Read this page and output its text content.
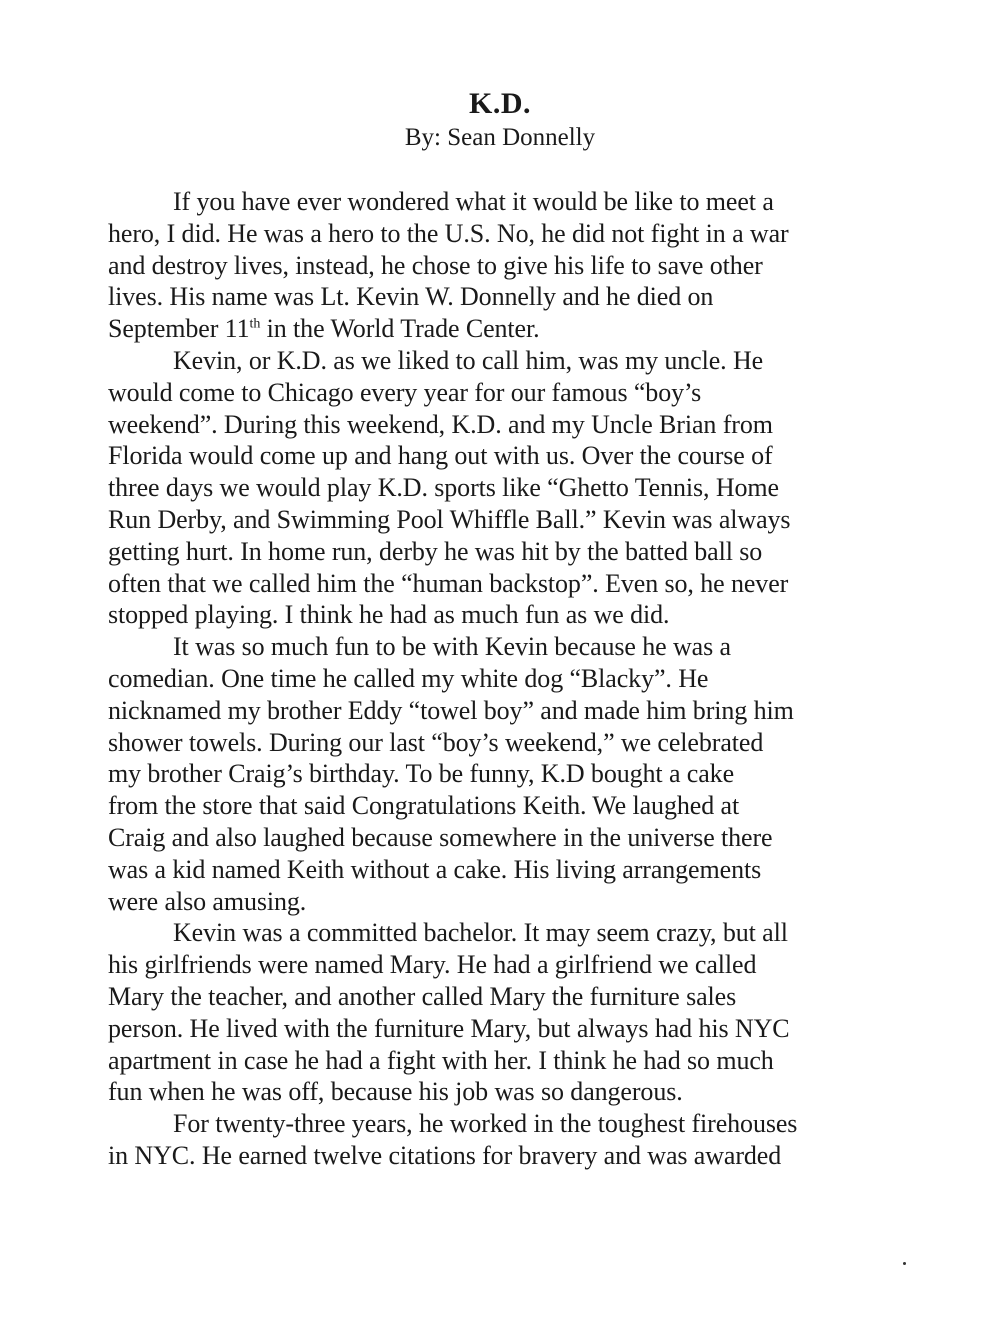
K.D.
By: Sean Donnelly
If you have ever wondered what it would be like to meet a
hero, I did. He was a hero to the U.S. No, he did not fight in a war
and destroy lives, instead, he chose to give his life to save other
lives. His name was Lt. Kevin W. Donnelly and he died on
September 11th in the World Trade Center.
Kevin, or K.D. as we liked to call him, was my uncle. He
would come to Chicago every year for our famous “boy’s
weekend”. During this weekend, K.D. and my Uncle Brian from
Florida would come up and hang out with us. Over the course of
three days we would play K.D. sports like “Ghetto Tennis, Home
Run Derby, and Swimming Pool Whiffle Ball.” Kevin was always
getting hurt. In home run, derby he was hit by the batted ball so
often that we called him the “human backstop”. Even so, he never
stopped playing. I think he had as much fun as we did.
It was so much fun to be with Kevin because he was a
comedian. One time he called my white dog “Blacky”. He
nicknamed my brother Eddy “towel boy” and made him bring him
shower towels. During our last “boy’s weekend,” we celebrated
my brother Craig’s birthday. To be funny, K.D bought a cake
from the store that said Congratulations Keith. We laughed at
Craig and also laughed because somewhere in the universe there
was a kid named Keith without a cake. His living arrangements
were also amusing.
Kevin was a committed bachelor. It may seem crazy, but all
his girlfriends were named Mary. He had a girlfriend we called
Mary the teacher, and another called Mary the furniture sales
person. He lived with the furniture Mary, but always had his NYC
apartment in case he had a fight with her. I think he had so much
fun when he was off, because his job was so dangerous.
For twenty-three years, he worked in the toughest firehouses
in NYC. He earned twelve citations for bravery and was awarded
